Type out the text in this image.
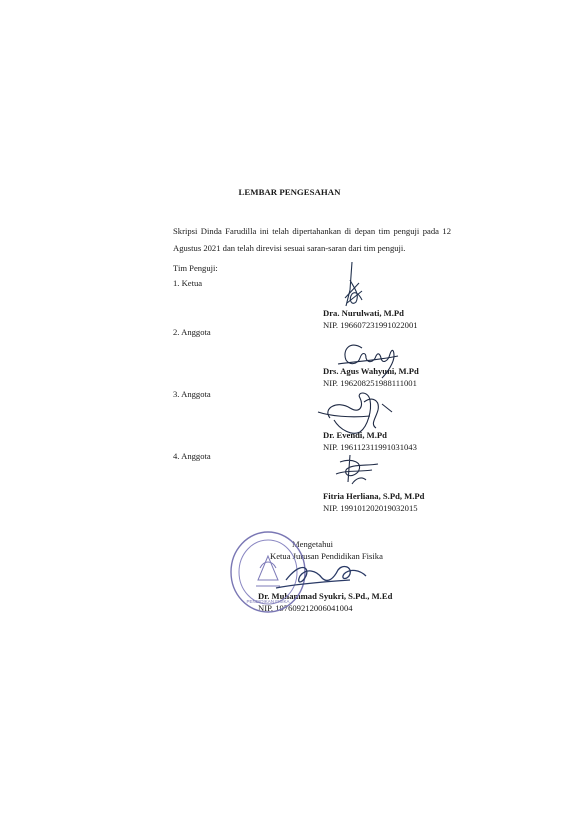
LEMBAR PENGESAHAN
Skripsi Dinda Farudilla ini telah dipertahankan di depan tim penguji pada 12 Agustus 2021 dan telah direvisi sesuai saran-saran dari tim penguji.
Tim Penguji:
1. Ketua
Dra. Nurulwati, M.Pd
NIP. 196607231991022001
2. Anggota
Drs. Agus Wahyuni, M.Pd
NIP. 196208251988111001
3. Anggota
Dr. Evendi, M.Pd
NIP. 196112311991031043
4. Anggota
Fitria Herliana, S.Pd, M.Pd
NIP. 199101202019032015
Mengetahui
Ketua Jurusan Pendidikan Fisika
Dr. Muhammad Syukri, S.Pd., M.Ed
NIP. 197609212006041004
PENDIDIKAN FISIKA
